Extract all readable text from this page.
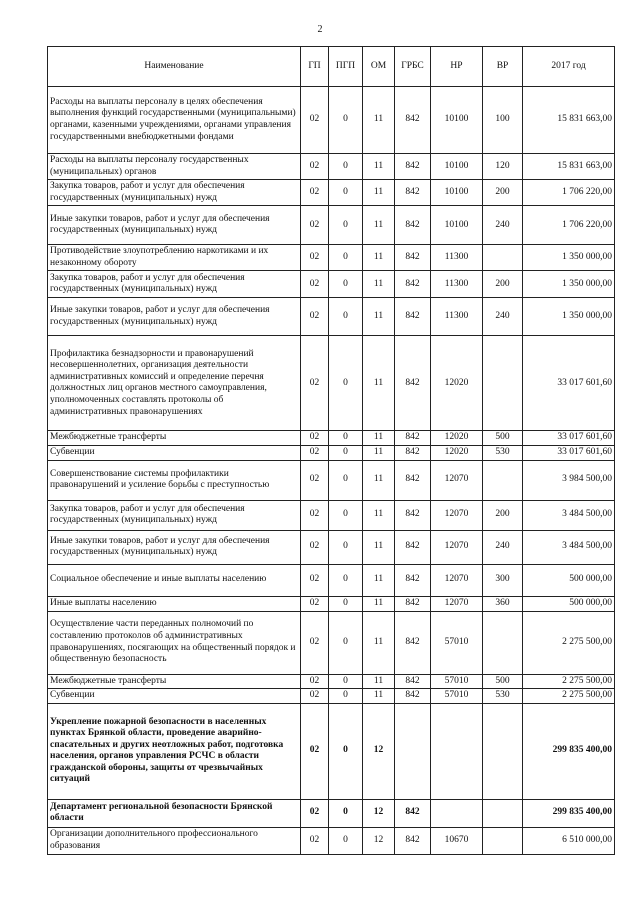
2
Наименование	ГП	ПГП	ОМ	ГРБС	НР	ВР	2017 год
Расходы на выплаты персоналу в целях обеспечения выполнения функций государственными (муниципальными) органами, казенными учреждениями, органами управления государственными внебюджетными фондами	02	0	11	842	10100	100	15 831 663,00
Расходы на выплаты персоналу государственных (муниципальных) органов	02	0	11	842	10100	120	15 831 663,00
Закупка товаров, работ и услуг для обеспечения государственных (муниципальных) нужд	02	0	11	842	10100	200	1 706 220,00
Иные закупки товаров, работ и услуг для обеспечения государственных (муниципальных) нужд	02	0	11	842	10100	240	1 706 220,00
Противодействие злоупотреблению наркотиками и их незаконному обороту	02	0	11	842	11300		1 350 000,00
Закупка товаров, работ и услуг для обеспечения государственных (муниципальных) нужд	02	0	11	842	11300	200	1 350 000,00
Иные закупки товаров, работ и услуг для обеспечения государственных (муниципальных) нужд	02	0	11	842	11300	240	1 350 000,00
Профилактика безнадзорности и правонарушений несовершеннолетних, организация деятельности административных комиссий и определение перечня должностных лиц органов местного самоуправления, уполномоченных составлять протоколы об административных правонарушениях	02	0	11	842	12020		33 017 601,60
Межбюджетные трансферты	02	0	11	842	12020	500	33 017 601,60
Субвенции	02	0	11	842	12020	530	33 017 601,60
Совершенствование системы профилактики правонарушений и усиление борьбы с преступностью	02	0	11	842	12070		3 984 500,00
Закупка товаров, работ и услуг для обеспечения государственных (муниципальных) нужд	02	0	11	842	12070	200	3 484 500,00
Иные закупки товаров, работ и услуг для обеспечения государственных (муниципальных) нужд	02	0	11	842	12070	240	3 484 500,00
Социальное обеспечение и иные выплаты населению	02	0	11	842	12070	300	500 000,00
Иные выплаты населению	02	0	11	842	12070	360	500 000,00
Осуществление части переданных полномочий по составлению протоколов об административных правонарушениях, посягающих на общественный порядок и общественную безопасность	02	0	11	842	57010		2 275 500,00
Межбюджетные трансферты	02	0	11	842	57010	500	2 275 500,00
Субвенции	02	0	11	842	57010	530	2 275 500,00
Укрепление пожарной безопасности в населенных пунктах Брянкой области, проведение аварийно-спасательных и других неотложных работ, подготовка населения, органов управления РСЧС в области гражданской обороны, защиты от чрезвычайных ситуаций	02	0	12				299 835 400,00
Департамент региональной безопасности Брянской области	02	0	12	842			299 835 400,00
Организации дополнительного профессионального образования	02	0	12	842	10670		6 510 000,00
